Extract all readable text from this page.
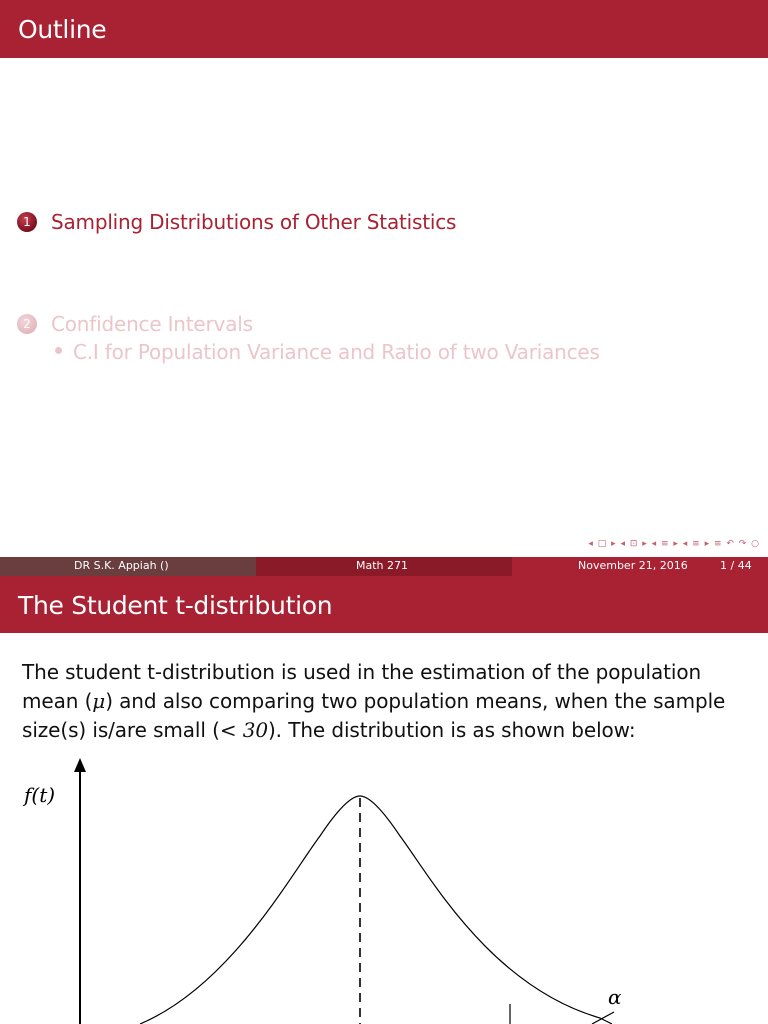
Outline
1	Sampling Distributions of Other Statistics
2	Confidence Intervals
C.I for Population Variance and Ratio of two Variances
◂ □ ▸ ◂ ⊡ ▸ ◂ ≡ ▸ ◂ ≡ ▸ ≡ ↶ ↷ ○
DR S.K. Appiah ()	Math 271	November 21, 2016	1 / 44
The Student t-distribution
The student t-distribution is used in the estimation of the population mean (μ) and also comparing two population means, when the sample size(s) is/are small (< 30). The distribution is as shown below:
f(t)
α
